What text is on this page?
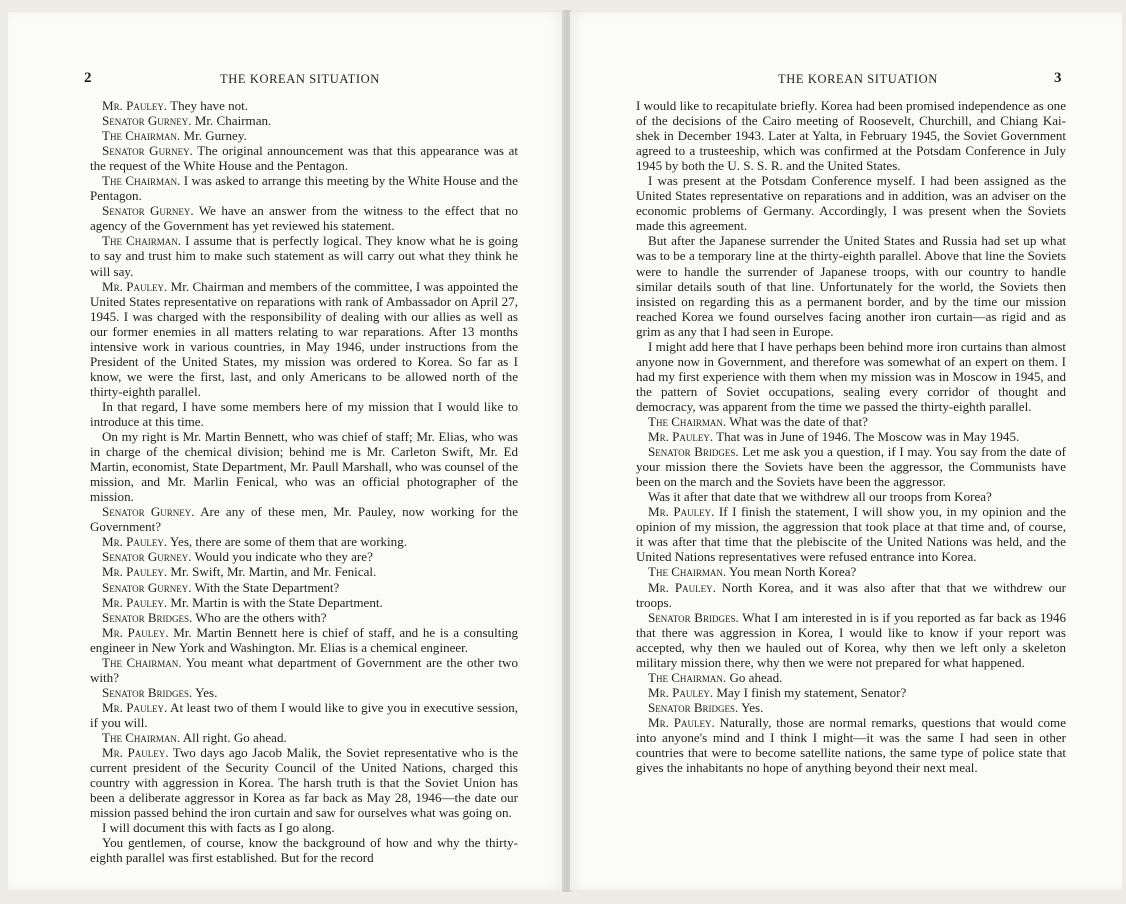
2	THE KOREAN SITUATION

Mr. Pauley. They have not.

Senator Gurney. Mr. Chairman.

The Chairman. Mr. Gurney.

Senator Gurney. The original announcement was that this appearance was at the request of the White House and the Pentagon.

The Chairman. I was asked to arrange this meeting by the White House and the Pentagon.

Senator Gurney. We have an answer from the witness to the effect that no agency of the Government has yet reviewed his statement.

The Chairman. I assume that is perfectly logical. They know what he is going to say and trust him to make such statement as will carry out what they think he will say.

Mr. Pauley. Mr. Chairman and members of the committee, I was appointed the United States representative on reparations with rank of Ambassador on April 27, 1945. I was charged with the responsibility of dealing with our allies as well as our former enemies in all matters relating to war reparations. After 13 months intensive work in various countries, in May 1946, under instructions from the President of the United States, my mission was ordered to Korea. So far as I know, we were the first, last, and only Americans to be allowed north of the thirty-eighth parallel.

In that regard, I have some members here of my mission that I would like to introduce at this time.

On my right is Mr. Martin Bennett, who was chief of staff; Mr. Elias, who was in charge of the chemical division; behind me is Mr. Carleton Swift, Mr. Ed Martin, economist, State Department, Mr. Paull Marshall, who was counsel of the mission, and Mr. Marlin Fenical, who was an official photographer of the mission.

Senator Gurney. Are any of these men, Mr. Pauley, now working for the Government?

Mr. Pauley. Yes, there are some of them that are working.

Senator Gurney. Would you indicate who they are?

Mr. Pauley. Mr. Swift, Mr. Martin, and Mr. Fenical.

Senator Gurney. With the State Department?

Mr. Pauley. Mr. Martin is with the State Department.

Senator Bridges. Who are the others with?

Mr. Pauley. Mr. Martin Bennett here is chief of staff, and he is a consulting engineer in New York and Washington. Mr. Elias is a chemical engineer.

The Chairman. You meant what department of Government are the other two with?

Senator Bridges. Yes.

Mr. Pauley. At least two of them I would like to give you in executive session, if you will.

The Chairman. All right. Go ahead.

Mr. Pauley. Two days ago Jacob Malik, the Soviet representative who is the current president of the Security Council of the United Nations, charged this country with aggression in Korea. The harsh truth is that the Soviet Union has been a deliberate aggressor in Korea as far back as May 28, 1946—the date our mission passed behind the iron curtain and saw for ourselves what was going on.

I will document this with facts as I go along.

You gentlemen, of course, know the background of how and why the thirty-eighth parallel was first established. But for the record

THE KOREAN SITUATION	3

I would like to recapitulate briefly. Korea had been promised independence as one of the decisions of the Cairo meeting of Roosevelt, Churchill, and Chiang Kai-shek in December 1943. Later at Yalta, in February 1945, the Soviet Government agreed to a trusteeship, which was confirmed at the Potsdam Conference in July 1945 by both the U. S. S. R. and the United States.

I was present at the Potsdam Conference myself. I had been assigned as the United States representative on reparations and in addition, was an adviser on the economic problems of Germany. Accordingly, I was present when the Soviets made this agreement.

But after the Japanese surrender the United States and Russia had set up what was to be a temporary line at the thirty-eighth parallel. Above that line the Soviets were to handle the surrender of Japanese troops, with our country to handle similar details south of that line. Unfortunately for the world, the Soviets then insisted on regarding this as a permanent border, and by the time our mission reached Korea we found ourselves facing another iron curtain—as rigid and as grim as any that I had seen in Europe.

I might add here that I have perhaps been behind more iron curtains than almost anyone now in Government, and therefore was somewhat of an expert on them. I had my first experience with them when my mission was in Moscow in 1945, and the pattern of Soviet occupations, sealing every corridor of thought and democracy, was apparent from the time we passed the thirty-eighth parallel.

The Chairman. What was the date of that?

Mr. Pauley. That was in June of 1946. The Moscow was in May 1945.

Senator Bridges. Let me ask you a question, if I may. You say from the date of your mission there the Soviets have been the aggressor, the Communists have been on the march and the Soviets have been the aggressor.

Was it after that date that we withdrew all our troops from Korea?

Mr. Pauley. If I finish the statement, I will show you, in my opinion and the opinion of my mission, the aggression that took place at that time and, of course, it was after that time that the plebiscite of the United Nations was held, and the United Nations representatives were refused entrance into Korea.

The Chairman. You mean North Korea?

Mr. Pauley. North Korea, and it was also after that that we withdrew our troops.

Senator Bridges. What I am interested in is if you reported as far back as 1946 that there was aggression in Korea, I would like to know if your report was accepted, why then we hauled out of Korea, why then we left only a skeleton military mission there, why then we were not prepared for what happened.

The Chairman. Go ahead.

Mr. Pauley. May I finish my statement, Senator?

Senator Bridges. Yes.

Mr. Pauley. Naturally, those are normal remarks, questions that would come into anyone's mind and I think I might—it was the same I had seen in other countries that were to become satellite nations, the same type of police state that gives the inhabitants no hope of anything beyond their next meal.
